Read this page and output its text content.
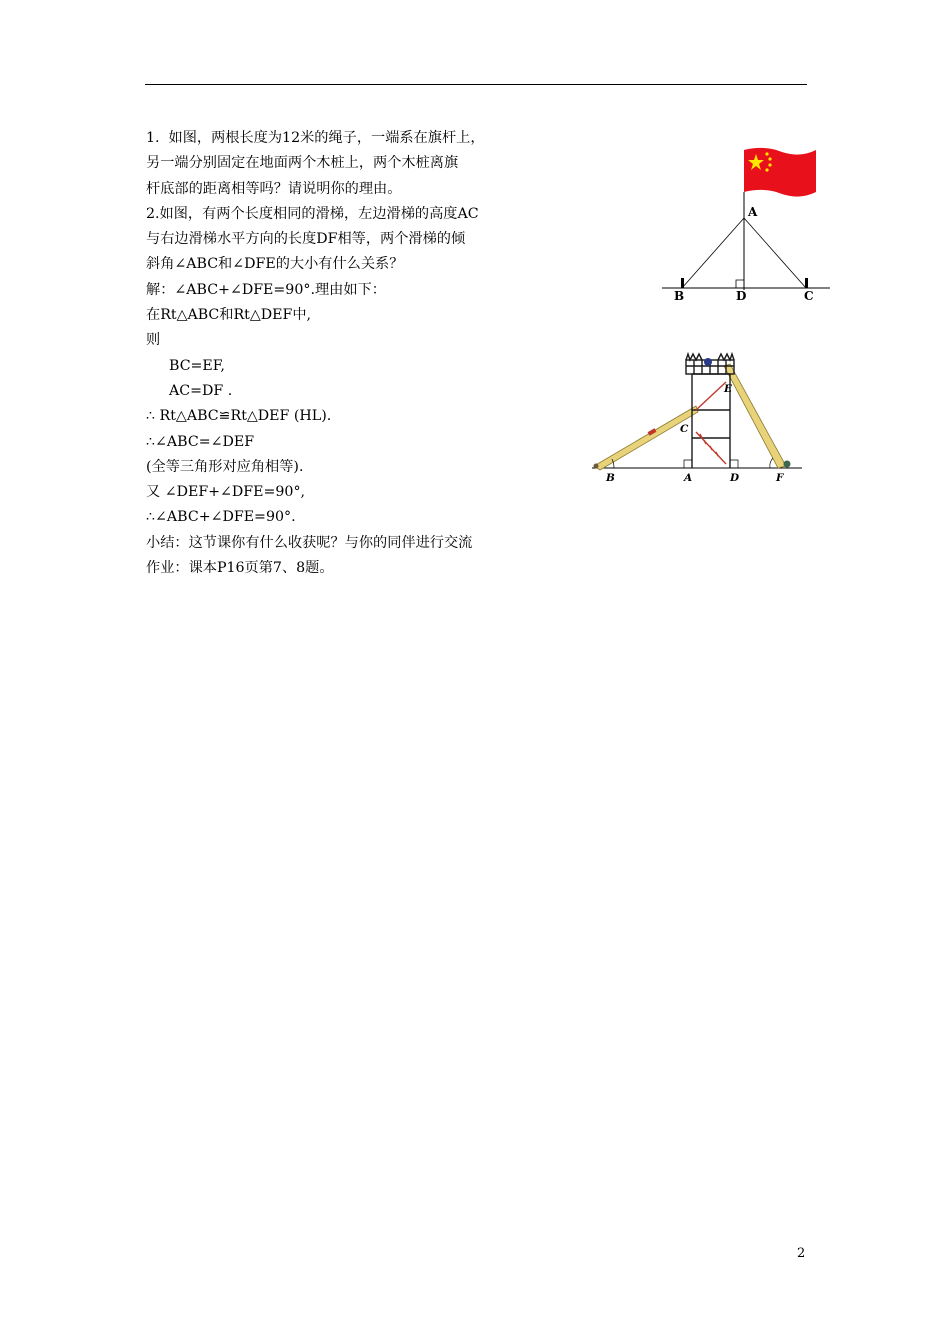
1.  如图，两根长度为12米的绳子，一端系在旗杆上，
另一端分别固定在地面两个木桩上，两个木桩离旗
杆底部的距离相等吗？请说明你的理由。
2.如图，有两个长度相同的滑梯，左边滑梯的高度AC
与右边滑梯水平方向的长度DF相等，两个滑梯的倾
斜角∠ABC和∠DFE的大小有什么关系？
解：∠ABC+∠DFE=90°.理由如下：
在Rt△ABC和Rt△DEF中,
则
BC=EF,
AC=DF .
∴ Rt△ABC≌Rt△DEF (HL).
∴∠ABC=∠DEF
(全等三角形对应角相等).
又 ∠DEF+∠DFE=90°,
∴∠ABC+∠DFE=90°.
小结：这节课你有什么收获呢？与你的同伴进行交流
作业：课本P16页第7、8题。
A
B	D	C
B	A	D	F
C
E
2
